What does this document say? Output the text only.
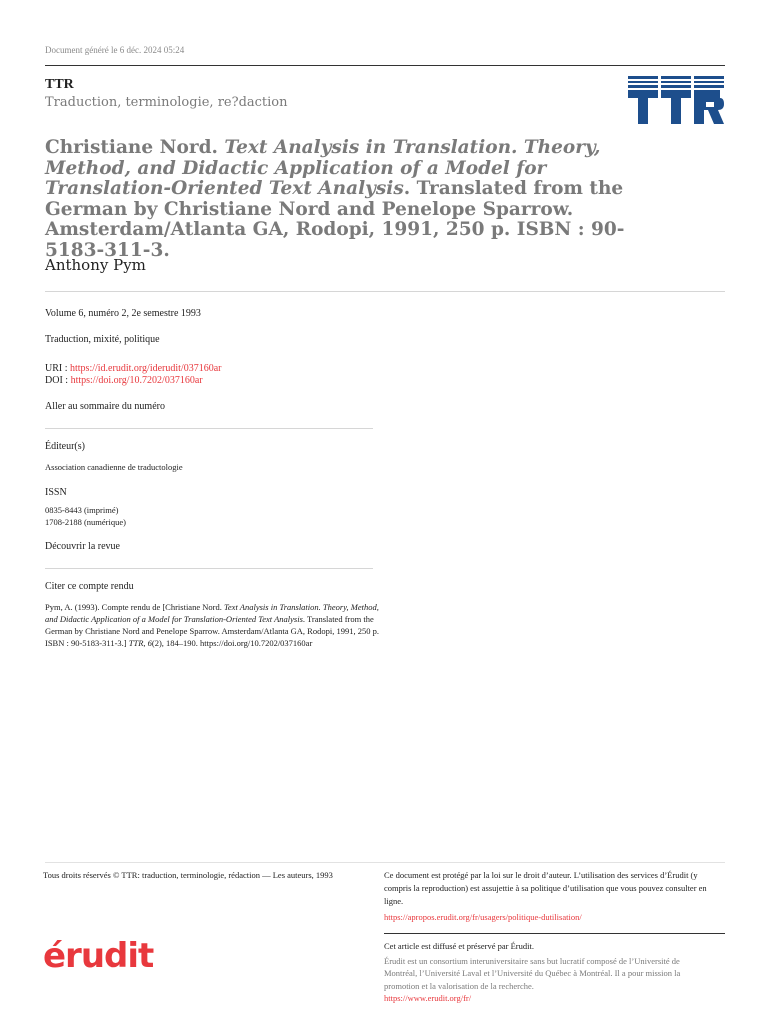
Document généré le 6 déc. 2024 05:24
TTR
Traduction, terminologie, re?daction
Christiane Nord. Text Analysis in Translation. Theory, Method, and Didactic Application of a Model for Translation-Oriented Text Analysis. Translated from the German by Christiane Nord and Penelope Sparrow. Amsterdam/Atlanta GA, Rodopi, 1991, 250 p. ISBN : 90-5183-311-3.
Anthony Pym
Volume 6, numéro 2, 2e semestre 1993
Traduction, mixité, politique
URI : https://id.erudit.org/iderudit/037160ar
DOI : https://doi.org/10.7202/037160ar
Aller au sommaire du numéro
Éditeur(s)
Association canadienne de traductologie
ISSN
0835-8443 (imprimé)
1708-2188 (numérique)
Découvrir la revue
Citer ce compte rendu
Pym, A. (1993). Compte rendu de [Christiane Nord. Text Analysis in Translation. Theory, Method, and Didactic Application of a Model for Translation-Oriented Text Analysis. Translated from the German by Christiane Nord and Penelope Sparrow. Amsterdam/Atlanta GA, Rodopi, 1991, 250 p. ISBN : 90-5183-311-3.] TTR, 6(2), 184–190. https://doi.org/10.7202/037160ar
Tous droits réservés © TTR: traduction, terminologie, rédaction — Les auteurs, 1993	Ce document est protégé par la loi sur le droit d’auteur. L’utilisation des services d’Érudit (y compris la reproduction) est assujettie à sa politique d’utilisation que vous pouvez consulter en ligne.
https://apropos.erudit.org/fr/usagers/politique-dutilisation/
érudit	Cet article est diffusé et préservé par Érudit.
Érudit est un consortium interuniversitaire sans but lucratif composé de l’Université de Montréal, l’Université Laval et l’Université du Québec à Montréal. Il a pour mission la promotion et la valorisation de la recherche.
https://www.erudit.org/fr/
